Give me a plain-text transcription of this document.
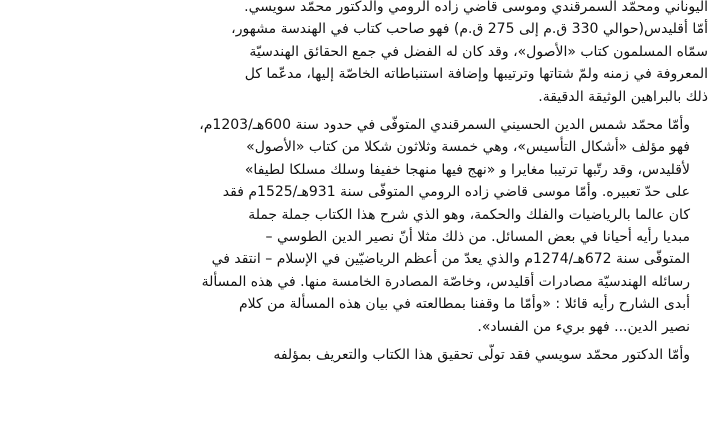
اليوناني ومحمّد السمرقندي وموسى قاضي زاده الرومي والدكتور محمّد سويسي.
أمّا أقليدس(حوالي 330 ق.م إلى 275 ق.م) فهو صاحب كتاب في الهندسة مشهور،
سمّاه المسلمون كتاب «الأصول»، وقد كان له الفضل في جمع الحقائق الهندسيّة
المعروفة في زمنه ولمّ شتاتها وترتيبها وإضافة استنباطاته الخاصّة إليها، مدعّما كل
ذلك بالبراهين الوثيقة الدقيقة.

وأمّا محمّد شمس الدين الحسيني السمرقندي المتوفّى في حدود سنة 600هـ/1203م،
فهو مؤلف «أشكال التأسيس»، وهي خمسة وثلاثون شكلا من كتاب «الأصول»
لأقليدس، وقد رتّبها ترتيبا مغايرا و «نهج فيها منهجا خفيفا وسلك مسلكا لطيفا»
على حدّ تعبيره. وأمّا موسى قاضي زاده الرومي المتوفّى سنة 931هـ/1525م فقد
كان عالما بالرياضيات والفلك والحكمة، وهو الذي شرح هذا الكتاب جملة جملة
مبديا رأيه أحيانا في بعض المسائل. من ذلك مثلا أنّ نصير الدين الطوسي –
المتوفّى سنة 672هـ/1274م والذي يعدّ من أعظم الرياضيّين في الإسلام – انتقد في
رسائله الهندسيّة مصادرات أقليدس، وخاصّة المصادرة الخامسة منها. في هذه المسألة
أبدى الشارح رأيه قائلا : «وأمّا ما وقفنا بمطالعته في بيان هذه المسألة من كلام
نصير الدين... فهو بريء من الفساد».

وأمّا الدكتور محمّد سويسي فقد تولّى تحقيق هذا الكتاب والتعريف بمؤلفه
